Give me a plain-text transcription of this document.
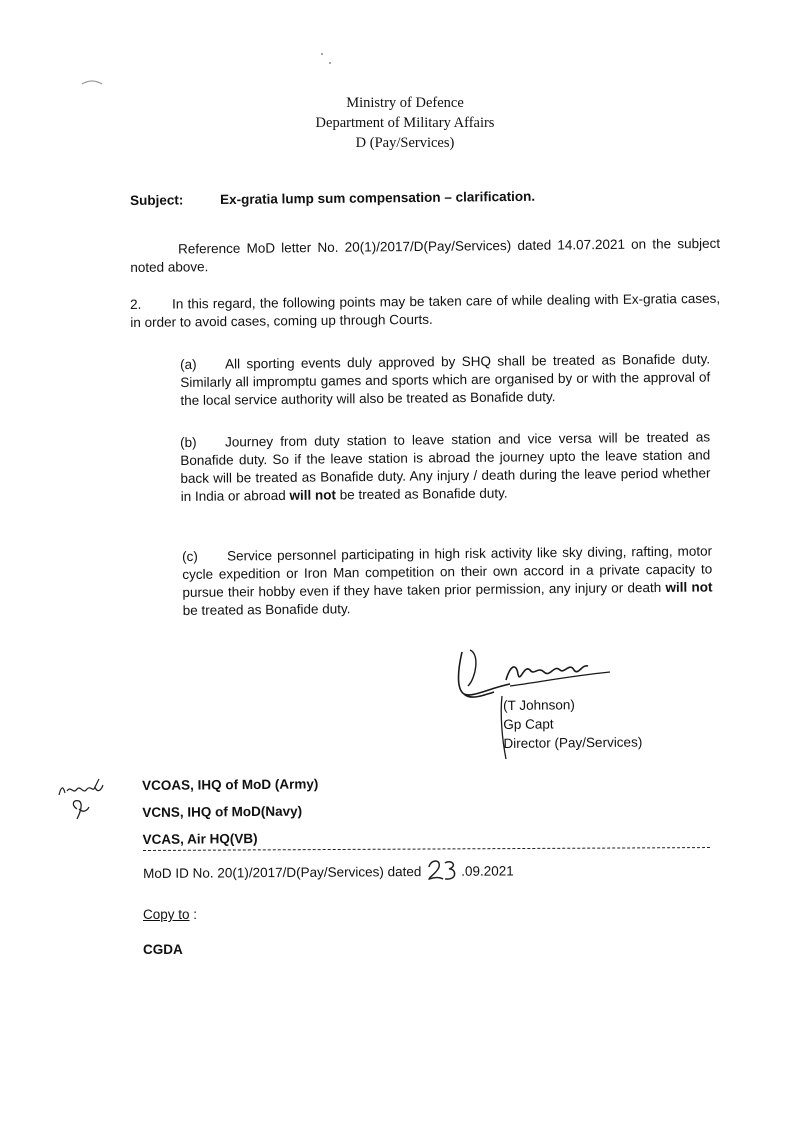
Ministry of Defence
Department of Military Affairs
D (Pay/Services)
Subject:	Ex-gratia lump sum compensation – clarification.
Reference MoD letter No. 20(1)/2017/D(Pay/Services) dated 14.07.2021 on the subject noted above.
2. In this regard, the following points may be taken care of while dealing with Ex-gratia cases, in order to avoid cases, coming up through Courts.
(a) All sporting events duly approved by SHQ shall be treated as Bonafide duty. Similarly all impromptu games and sports which are organised by or with the approval of the local service authority will also be treated as Bonafide duty.
(b) Journey from duty station to leave station and vice versa will be treated as Bonafide duty. So if the leave station is abroad the journey upto the leave station and back will be treated as Bonafide duty. Any injury / death during the leave period whether in India or abroad will not be treated as Bonafide duty.
(c) Service personnel participating in high risk activity like sky diving, rafting, motor cycle expedition or Iron Man competition on their own accord in a private capacity to pursue their hobby even if they have taken prior permission, any injury or death will not be treated as Bonafide duty.
(T Johnson)
Gp Capt
Director (Pay/Services)
VCOAS, IHQ of MoD (Army)
VCNS, IHQ of MoD(Navy)
VCAS, Air HQ(VB)
MoD ID No. 20(1)/2017/D(Pay/Services) dated	.09.2021
Copy to :
CGDA
